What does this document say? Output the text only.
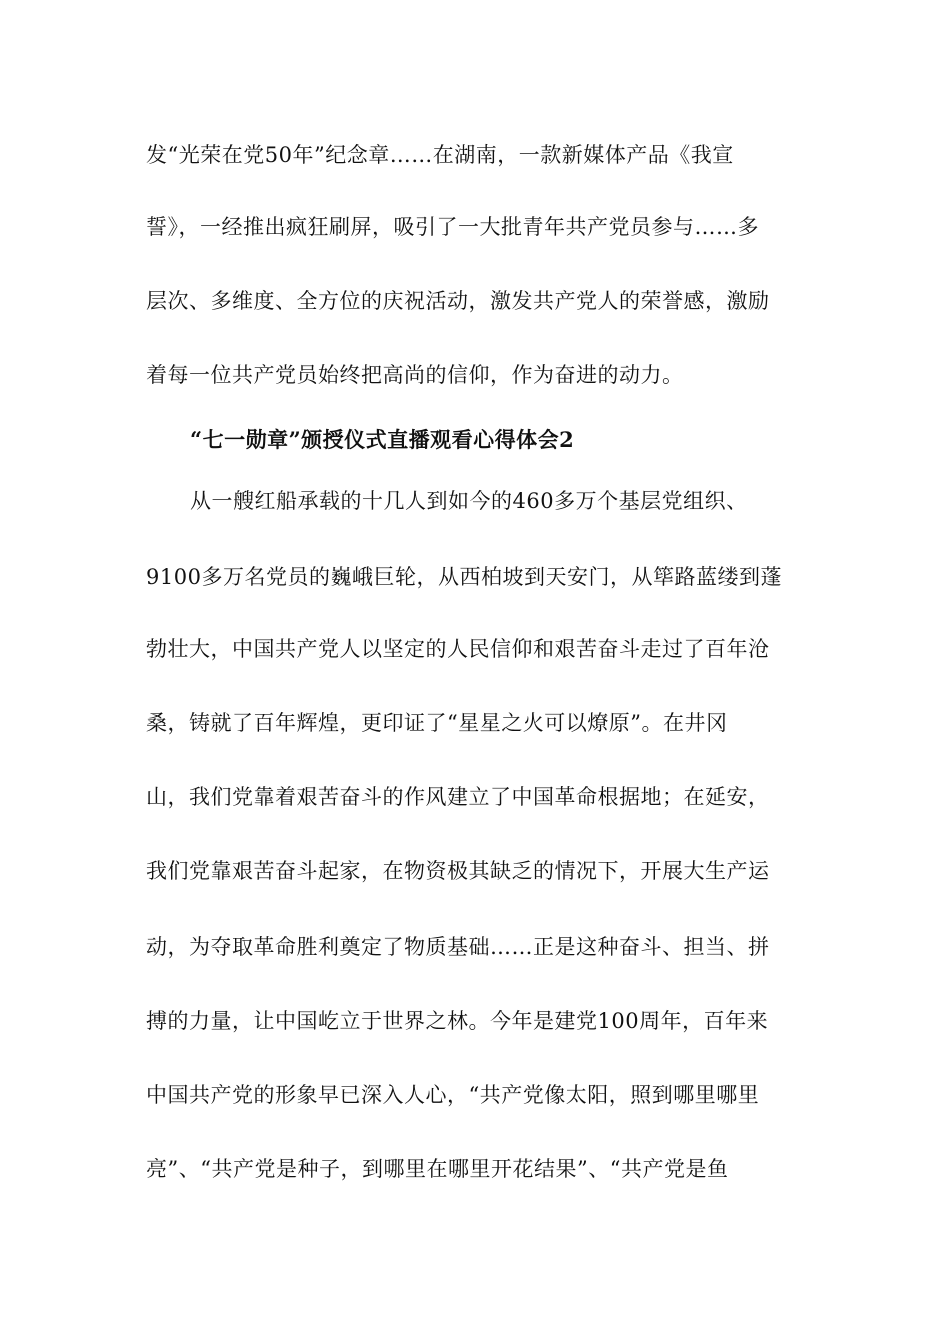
发“光荣在党50年”纪念章……在湖南，一款新媒体产品《我宣
誓》，一经推出疯狂刷屏，吸引了一大批青年共产党员参与……多
层次、多维度、全方位的庆祝活动，激发共产党人的荣誉感，激励
着每一位共产党员始终把高尚的信仰，作为奋进的动力。
“七一勋章”颁授仪式直播观看心得体会2
从一艘红船承载的十几人到如今的460多万个基层党组织、
9100多万名党员的巍峨巨轮，从西柏坡到天安门，从筚路蓝缕到蓬
勃壮大，中国共产党人以坚定的人民信仰和艰苦奋斗走过了百年沧
桑，铸就了百年辉煌，更印证了“星星之火可以燎原”。在井冈
山，我们党靠着艰苦奋斗的作风建立了中国革命根据地；在延安，
我们党靠艰苦奋斗起家，在物资极其缺乏的情况下，开展大生产运
动，为夺取革命胜利奠定了物质基础……正是这种奋斗、担当、拼
搏的力量，让中国屹立于世界之林。今年是建党100周年，百年来
中国共产党的形象早已深入人心，“共产党像太阳，照到哪里哪里
亮”、“共产党是种子，到哪里在哪里开花结果”、“共产党是鱼
